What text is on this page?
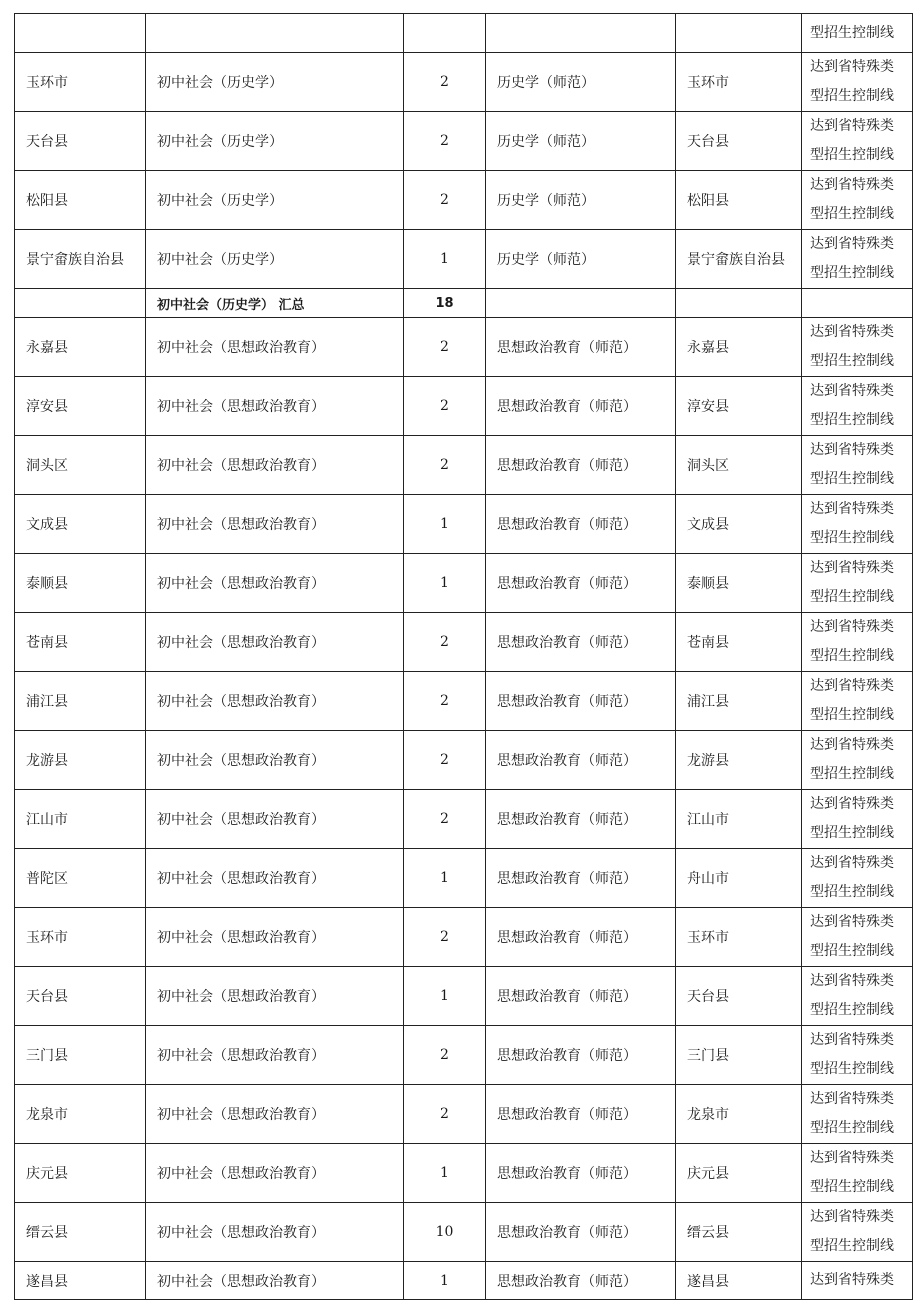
					型招生控制线

玉环市	初中社会（历史学）	2	历史学（师范）	玉环市	达到省特殊类
型招生控制线

天台县	初中社会（历史学）	2	历史学（师范）	天台县	达到省特殊类
型招生控制线

松阳县	初中社会（历史学）	2	历史学（师范）	松阳县	达到省特殊类
型招生控制线

景宁畲族自治县	初中社会（历史学）	1	历史学（师范）	景宁畲族自治县	达到省特殊类
型招生控制线

	初中社会（历史学） 汇总	18			
永嘉县	初中社会（思想政治教育）	2	思想政治教育（师范）	永嘉县	达到省特殊类
型招生控制线

淳安县	初中社会（思想政治教育）	2	思想政治教育（师范）	淳安县	达到省特殊类
型招生控制线

洞头区	初中社会（思想政治教育）	2	思想政治教育（师范）	洞头区	达到省特殊类
型招生控制线

文成县	初中社会（思想政治教育）	1	思想政治教育（师范）	文成县	达到省特殊类
型招生控制线

泰顺县	初中社会（思想政治教育）	1	思想政治教育（师范）	泰顺县	达到省特殊类
型招生控制线

苍南县	初中社会（思想政治教育）	2	思想政治教育（师范）	苍南县	达到省特殊类
型招生控制线

浦江县	初中社会（思想政治教育）	2	思想政治教育（师范）	浦江县	达到省特殊类
型招生控制线

龙游县	初中社会（思想政治教育）	2	思想政治教育（师范）	龙游县	达到省特殊类
型招生控制线

江山市	初中社会（思想政治教育）	2	思想政治教育（师范）	江山市	达到省特殊类
型招生控制线

普陀区	初中社会（思想政治教育）	1	思想政治教育（师范）	舟山市	达到省特殊类
型招生控制线

玉环市	初中社会（思想政治教育）	2	思想政治教育（师范）	玉环市	达到省特殊类
型招生控制线

天台县	初中社会（思想政治教育）	1	思想政治教育（师范）	天台县	达到省特殊类
型招生控制线

三门县	初中社会（思想政治教育）	2	思想政治教育（师范）	三门县	达到省特殊类
型招生控制线

龙泉市	初中社会（思想政治教育）	2	思想政治教育（师范）	龙泉市	达到省特殊类
型招生控制线

庆元县	初中社会（思想政治教育）	1	思想政治教育（师范）	庆元县	达到省特殊类
型招生控制线

缙云县	初中社会（思想政治教育）	10	思想政治教育（师范）	缙云县	达到省特殊类
型招生控制线

遂昌县	初中社会（思想政治教育）	1	思想政治教育（师范）	遂昌县	达到省特殊类
